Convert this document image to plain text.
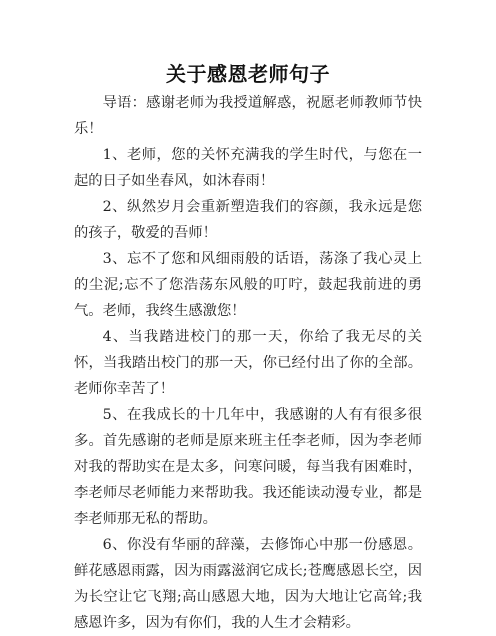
关于感恩老师句子

导语：感谢老师为我授道解惑，祝愿老师教师节快乐！

1、老师，您的关怀充满我的学生时代，与您在一起的日子如坐春风，如沐春雨！

2、纵然岁月会重新塑造我们的容颜，我永远是您的孩子，敬爱的吾师！

3、忘不了您和风细雨般的话语，荡涤了我心灵上的尘泥;忘不了您浩荡东风般的叮咛，鼓起我前进的勇气。老师，我终生感激您！

4、当我踏进校门的那一天，你给了我无尽的关怀，当我踏出校门的那一天，你已经付出了你的全部。老师你幸苦了！

5、在我成长的十几年中，我感谢的人有有很多很多。首先感谢的老师是原来班主任李老师，因为李老师对我的帮助实在是太多，问寒问暖，每当我有困难时，李老师尽老师能力来帮助我。我还能读动漫专业，都是李老师那无私的帮助。

6、你没有华丽的辞藻，去修饰心中那一份感恩。鲜花感恩雨露，因为雨露滋润它成长;苍鹰感恩长空，因为长空让它飞翔;高山感恩大地，因为大地让它高耸;我感恩许多，因为有你们，我的人生才会精彩。
